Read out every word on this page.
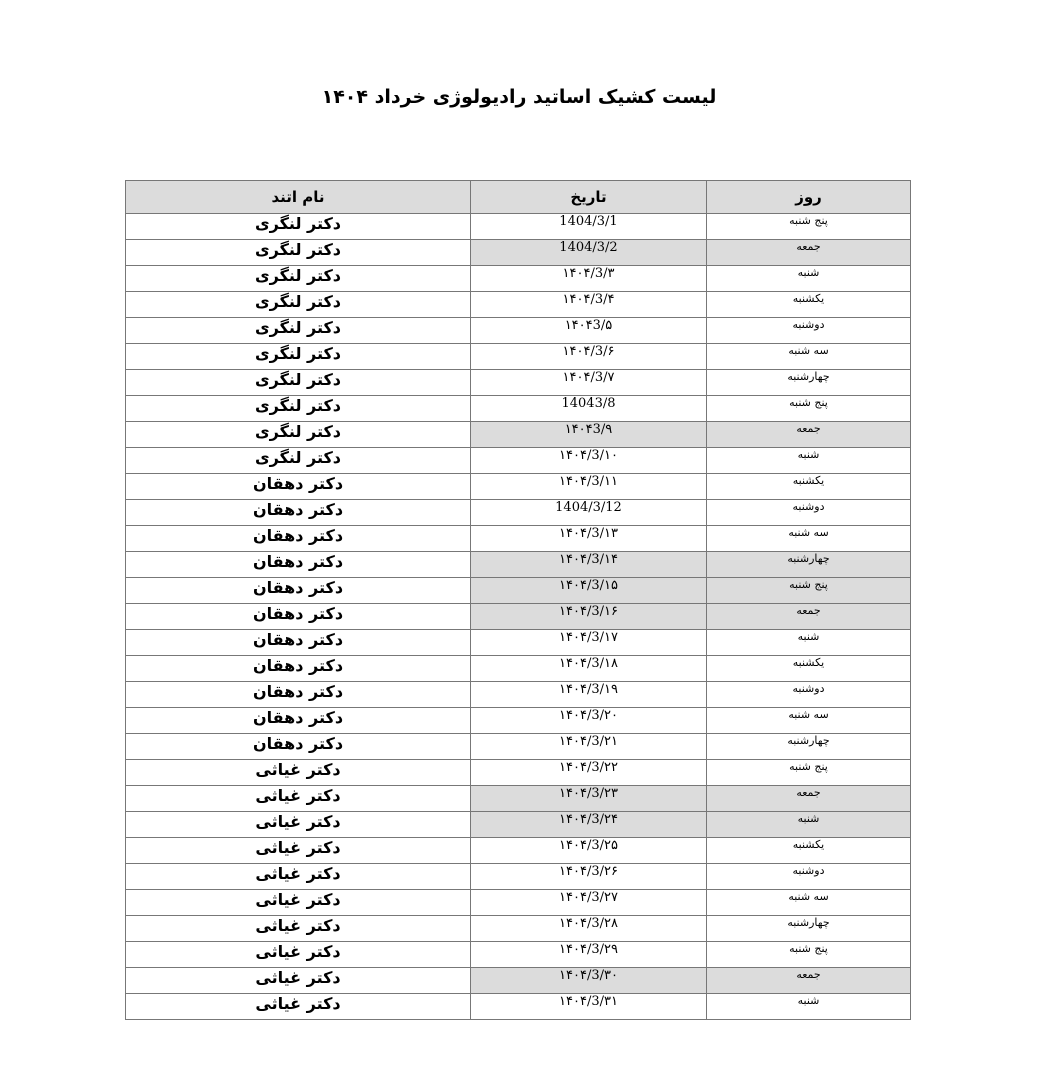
لیست کشیک اساتید رادیولوژی خرداد ۱۴۰۴
روز	تاریخ	نام اتند
پنج شنبه	1404/3/1	دکتر لنگری
جمعه	1404/3/2	دکتر لنگری
شنبه	۱۴۰۴/3/۳	دکتر لنگری
یکشنبه	۱۴۰۴/3/۴	دکتر لنگری
دوشنبه	۱۴۰۴3/۵	دکتر لنگری
سه شنبه	۱۴۰۴/3/۶	دکتر لنگری
چهارشنبه	۱۴۰۴/3/۷	دکتر لنگری
پنج شنبه	14043/8	دکتر لنگری
جمعه	۱۴۰۴3/۹	دکتر لنگری
شنبه	۱۴۰۴/3/۱۰	دکتر لنگری
یکشنبه	۱۴۰۴/3/۱۱	دکتر دهقان
دوشنبه	1404/3/12	دکتر دهقان
سه شنبه	۱۴۰۴/3/۱۳	دکتر دهقان
چهارشنبه	۱۴۰۴/3/۱۴	دکتر دهقان
پنج شنبه	۱۴۰۴/3/۱۵	دکتر دهقان
جمعه	۱۴۰۴/3/۱۶	دکتر دهقان
شنبه	۱۴۰۴/3/۱۷	دکتر دهقان
یکشنبه	۱۴۰۴/3/۱۸	دکتر دهقان
دوشنبه	۱۴۰۴/3/۱۹	دکتر دهقان
سه شنبه	۱۴۰۴/3/۲۰	دکتر دهقان
چهارشنبه	۱۴۰۴/3/۲۱	دکتر دهقان
پنج شنبه	۱۴۰۴/3/۲۲	دکتر غیاثی
جمعه	۱۴۰۴/3/۲۳	دکتر غیاثی
شنبه	۱۴۰۴/3/۲۴	دکتر غیاثی
یکشنبه	۱۴۰۴/3/۲۵	دکتر غیاثی
دوشنبه	۱۴۰۴/3/۲۶	دکتر غیاثی
سه شنبه	۱۴۰۴/3/۲۷	دکتر غیاثی
چهارشنبه	۱۴۰۴/3/۲۸	دکتر غیاثی
پنج شنبه	۱۴۰۴/3/۲۹	دکتر غیاثی
جمعه	۱۴۰۴/3/۳۰	دکتر غیاثی
شنبه	۱۴۰۴/3/۳۱	دکتر غیاثی
